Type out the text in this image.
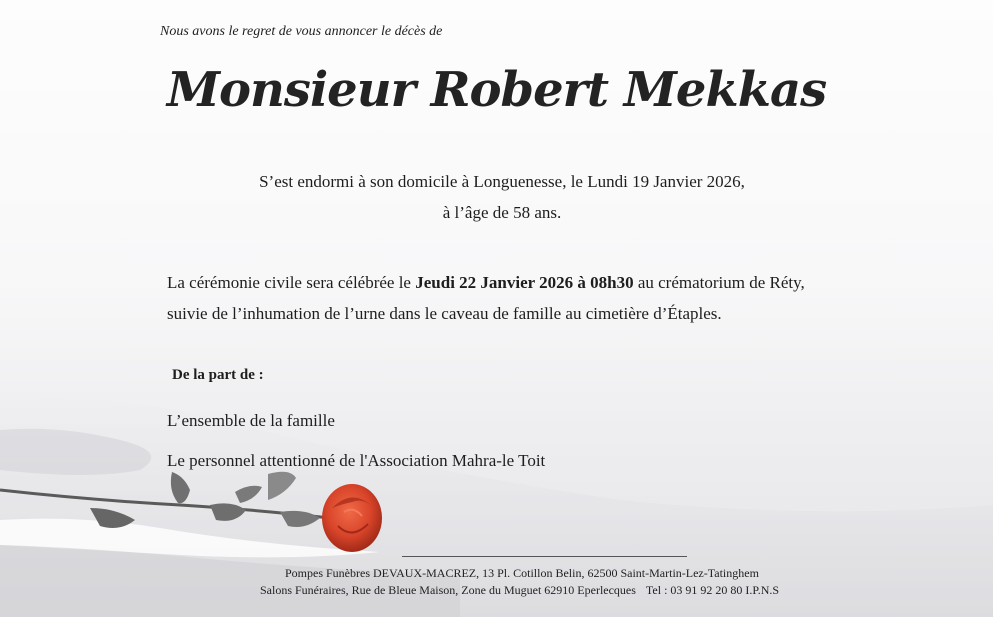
Nous avons le regret de vous annoncer le décès de
Monsieur Robert Mekkas
S’est endormi à son domicile à Longuenesse, le Lundi 19 Janvier 2026,
à l’âge de 58 ans.
La cérémonie civile sera célébrée le Jeudi 22 Janvier 2026 à 08h30 au crématorium de Réty,
suivie de l’inhumation de l’urne dans le caveau de famille au cimetière d’Étaples.
De la part de :
L’ensemble de la famille
Le personnel attentionné de l'Association Mahra-le Toit
Pompes Funèbres DEVAUX-MACREZ, 13 Pl. Cotillon Belin, 62500 Saint-Martin-Lez-Tatinghem
Salons Funéraires, Rue de Bleue Maison, Zone du Muguet 62910 Eperlecques Tel : 03 91 92 20 80 I.P.N.S
